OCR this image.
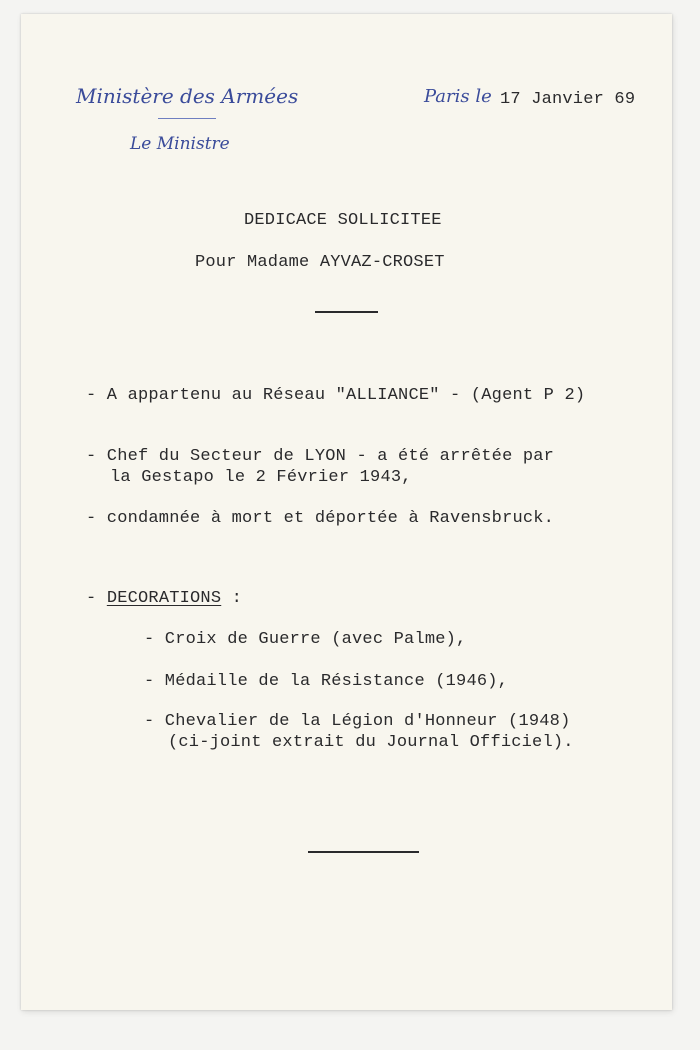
Ministère des Armées
Le Ministre
Paris le 17 Janvier 69
DEDICACE SOLLICITEE
Pour Madame AYVAZ-CROSET
- A appartenu au Réseau "ALLIANCE" - (Agent P 2)
- Chef du Secteur de LYON - a été arrêtée par
la Gestapo le 2 Février 1943,
- condamnée à mort et déportée à Ravensbruck.
- DECORATIONS :
- Croix de Guerre (avec Palme),
- Médaille de la Résistance (1946),
- Chevalier de la Légion d'Honneur (1948)
(ci-joint extrait du Journal Officiel).
